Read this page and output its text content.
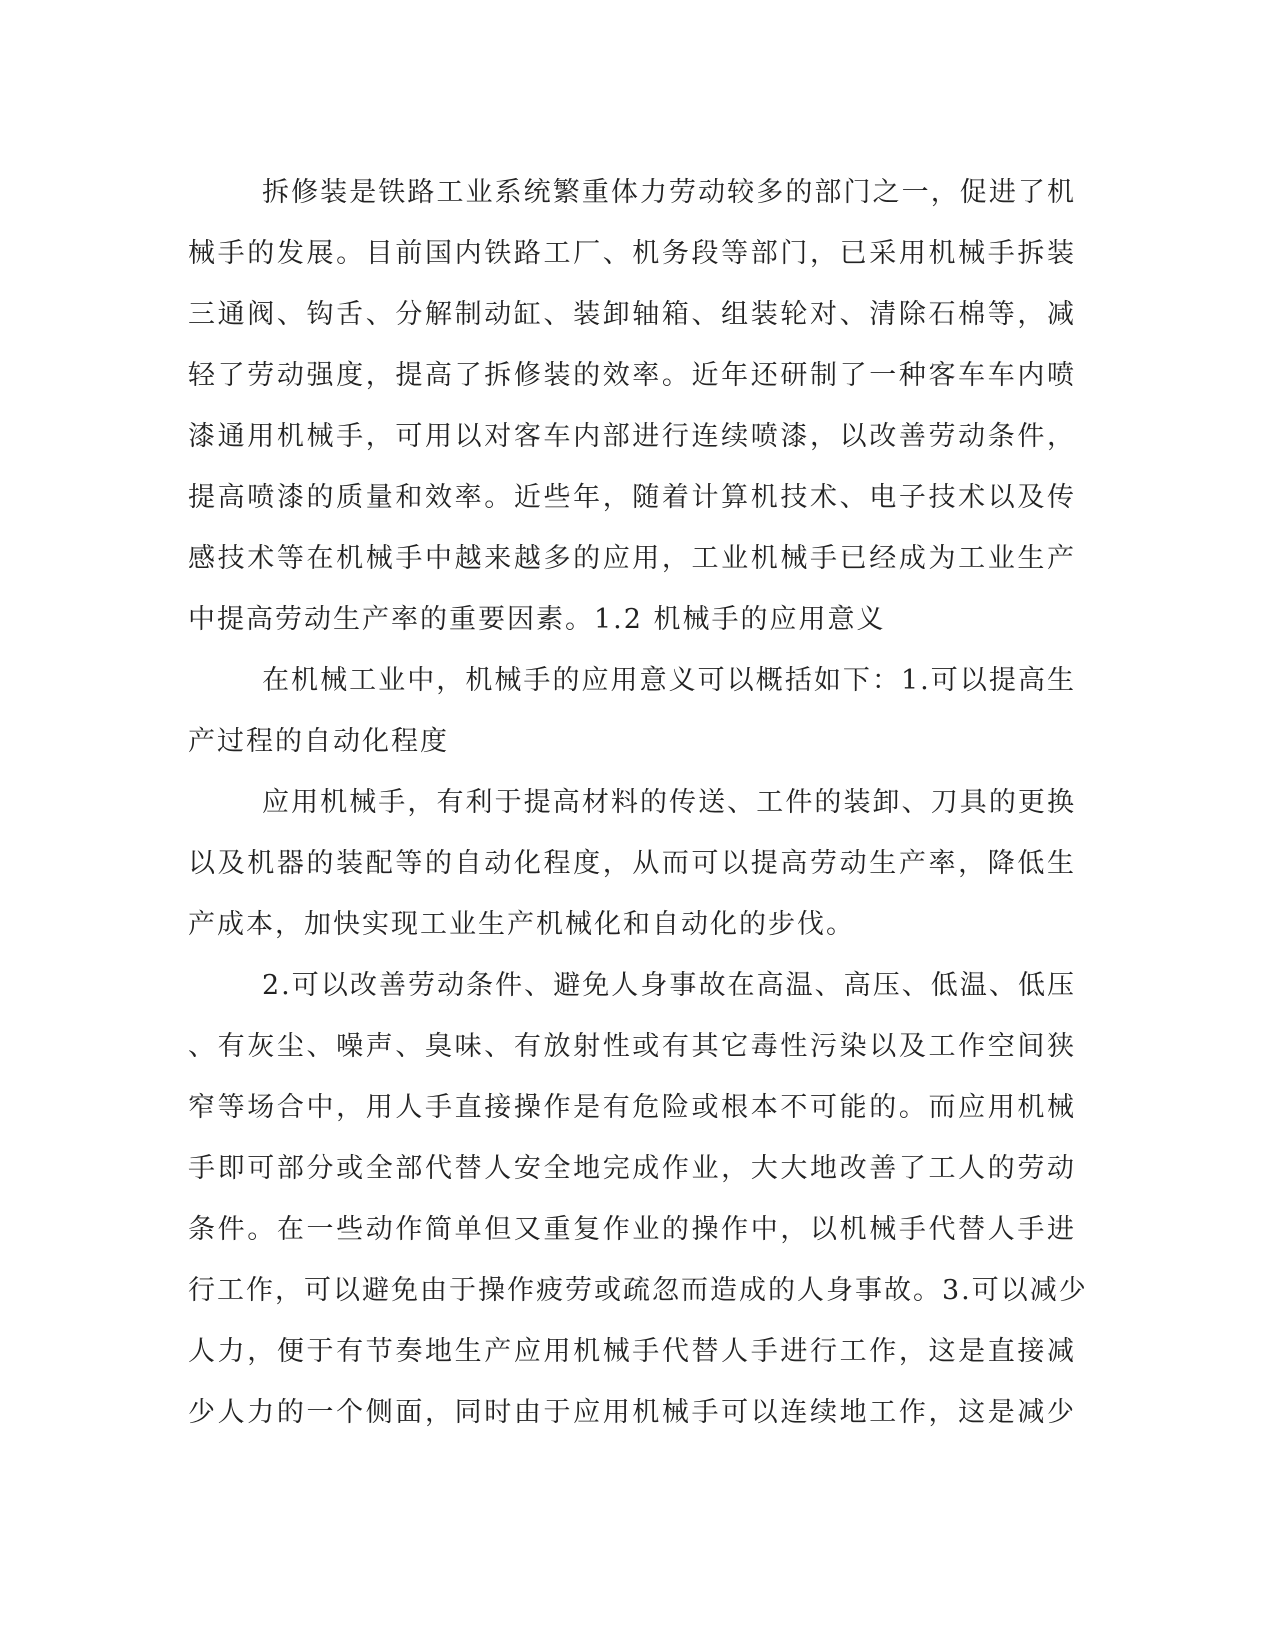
拆修装是铁路工业系统繁重体力劳动较多的部门之一，促进了机
械手的发展。目前国内铁路工厂、机务段等部门，已采用机械手拆装
三通阀、钩舌、分解制动缸、装卸轴箱、组装轮对、清除石棉等，减
轻了劳动强度，提高了拆修装的效率。近年还研制了一种客车车内喷
漆通用机械手，可用以对客车内部进行连续喷漆，以改善劳动条件，
提高喷漆的质量和效率。近些年，随着计算机技术、电子技术以及传
感技术等在机械手中越来越多的应用，工业机械手已经成为工业生产
中提高劳动生产率的重要因素。1.2 机械手的应用意义
在机械工业中，机械手的应用意义可以概括如下：1.可以提高生
产过程的自动化程度
应用机械手，有利于提高材料的传送、工件的装卸、刀具的更换
以及机器的装配等的自动化程度，从而可以提高劳动生产率，降低生
产成本，加快实现工业生产机械化和自动化的步伐。
2.可以改善劳动条件、避免人身事故在高温、高压、低温、低压
、有灰尘、噪声、臭味、有放射性或有其它毒性污染以及工作空间狭
窄等场合中，用人手直接操作是有危险或根本不可能的。而应用机械
手即可部分或全部代替人安全地完成作业，大大地改善了工人的劳动
条件。在一些动作简单但又重复作业的操作中，以机械手代替人手进
行工作，可以避免由于操作疲劳或疏忽而造成的人身事故。3.可以减少
人力，便于有节奏地生产应用机械手代替人手进行工作，这是直接减
少人力的一个侧面，同时由于应用机械手可以连续地工作，这是减少
